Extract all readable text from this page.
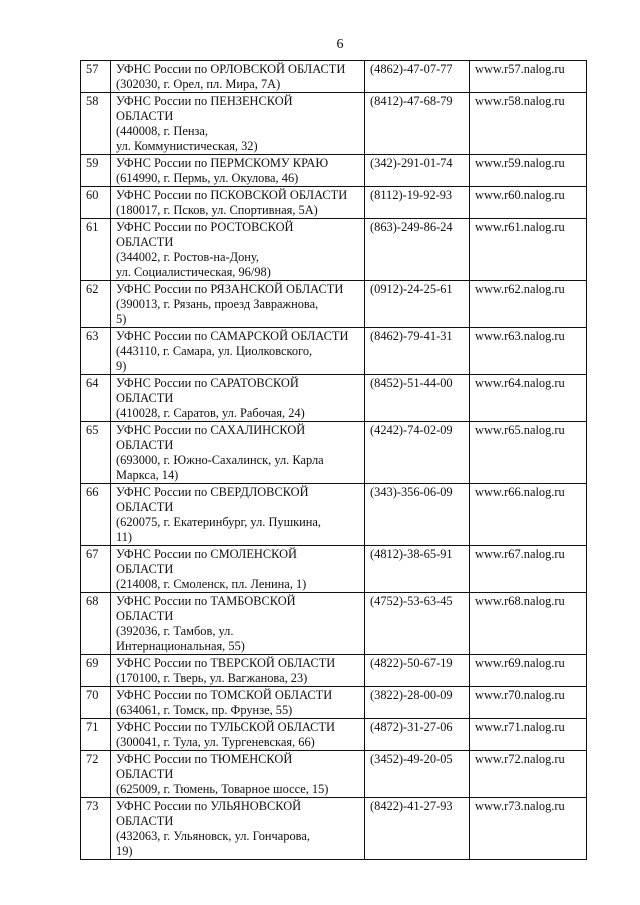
6
57	УФНС России по ОРЛОВСКОЙ ОБЛАСТИ
(302030, г. Орел, пл. Мира, 7А)	(4862)-47-07-77	www.r57.nalog.ru
58	УФНС России по ПЕНЗЕНСКОЙ
ОБЛАСТИ
(440008, г. Пенза,
ул. Коммунистическая, 32)	(8412)-47-68-79	www.r58.nalog.ru
59	УФНС России по ПЕРМСКОМУ КРАЮ
(614990, г. Пермь, ул. Окулова, 46)	(342)-291-01-74	www.r59.nalog.ru
60	УФНС России по ПСКОВСКОЙ ОБЛАСТИ
(180017, г. Псков, ул. Спортивная, 5А)	(8112)-19-92-93	www.r60.nalog.ru
61	УФНС России по РОСТОВСКОЙ
ОБЛАСТИ
(344002, г. Ростов-на-Дону,
ул. Социалистическая, 96/98)	(863)-249-86-24	www.r61.nalog.ru
62	УФНС России по РЯЗАНСКОЙ ОБЛАСТИ
(390013, г. Рязань, проезд Завражнова,
5)	(0912)-24-25-61	www.r62.nalog.ru
63	УФНС России по САМАРСКОЙ ОБЛАСТИ
(443110, г. Самара, ул. Циолковского,
9)	(8462)-79-41-31	www.r63.nalog.ru
64	УФНС России по САРАТОВСКОЙ
ОБЛАСТИ
(410028, г. Саратов, ул. Рабочая, 24)	(8452)-51-44-00	www.r64.nalog.ru
65	УФНС России по САХАЛИНСКОЙ
ОБЛАСТИ
(693000, г. Южно-Сахалинск, ул. Карла
Маркса, 14)	(4242)-74-02-09	www.r65.nalog.ru
66	УФНС России по СВЕРДЛОВСКОЙ
ОБЛАСТИ
(620075, г. Екатеринбург, ул. Пушкина,
11)	(343)-356-06-09	www.r66.nalog.ru
67	УФНС России по СМОЛЕНСКОЙ
ОБЛАСТИ
(214008, г. Смоленск, пл. Ленина, 1)	(4812)-38-65-91	www.r67.nalog.ru
68	УФНС России по ТАМБОВСКОЙ
ОБЛАСТИ
(392036, г. Тамбов, ул.
Интернациональная, 55)	(4752)-53-63-45	www.r68.nalog.ru
69	УФНС России по ТВЕРСКОЙ ОБЛАСТИ
(170100, г. Тверь, ул. Вагжанова, 23)	(4822)-50-67-19	www.r69.nalog.ru
70	УФНС России по ТОМСКОЙ ОБЛАСТИ
(634061, г. Томск, пр. Фрунзе, 55)	(3822)-28-00-09	www.r70.nalog.ru
71	УФНС России по ТУЛЬСКОЙ ОБЛАСТИ
(300041, г. Тула, ул. Тургеневская, 66)	(4872)-31-27-06	www.r71.nalog.ru
72	УФНС России по ТЮМЕНСКОЙ
ОБЛАСТИ
(625009, г. Тюмень, Товарное шоссе, 15)	(3452)-49-20-05	www.r72.nalog.ru
73	УФНС России по УЛЬЯНОВСКОЙ
ОБЛАСТИ
(432063, г. Ульяновск, ул. Гончарова,
19)	(8422)-41-27-93	www.r73.nalog.ru
